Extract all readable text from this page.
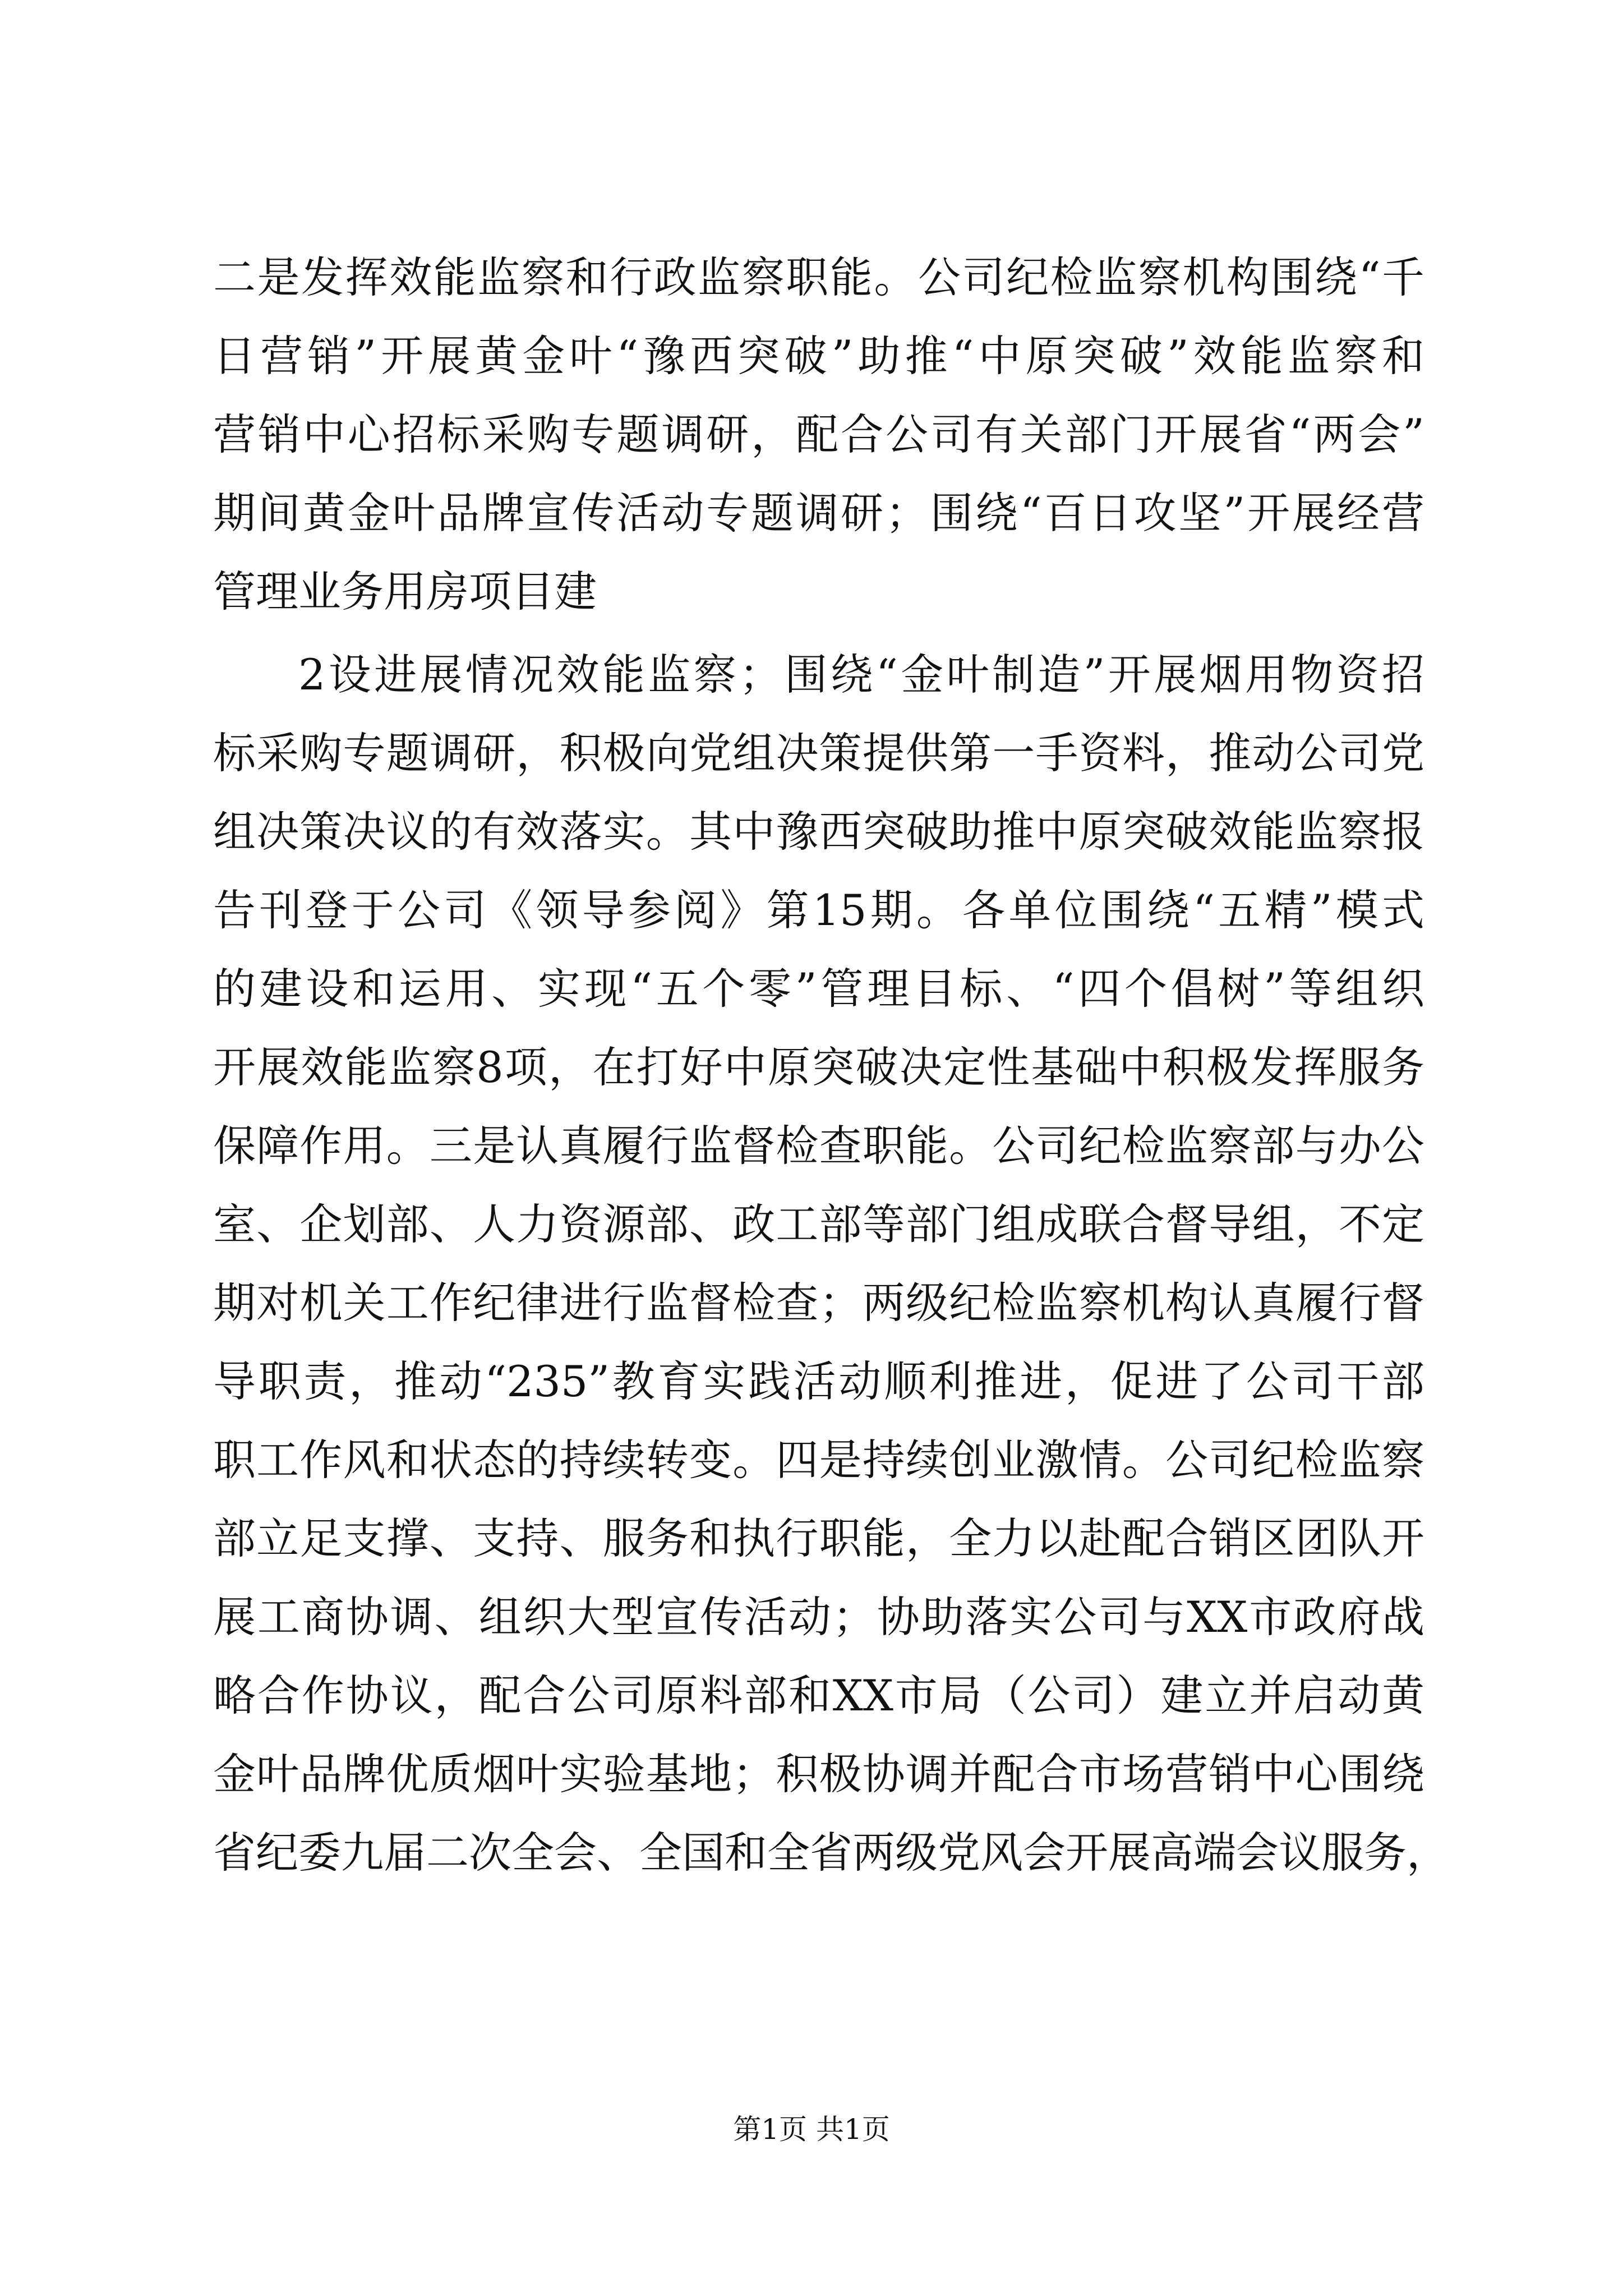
二是发挥效能监察和行政监察职能。公司纪检监察机构围绕“千
日营销”开展黄金叶“豫西突破”助推“中原突破”效能监察和
营销中心招标采购专题调研，配合公司有关部门开展省“两会”
期间黄金叶品牌宣传活动专题调研；围绕“百日攻坚”开展经营
管理业务用房项目建
2设进展情况效能监察；围绕“金叶制造”开展烟用物资招
标采购专题调研，积极向党组决策提供第一手资料，推动公司党
组决策决议的有效落实。其中豫西突破助推中原突破效能监察报
告刊登于公司《领导参阅》第15期。各单位围绕“五精”模式
的建设和运用、实现“五个零”管理目标、“四个倡树”等组织
开展效能监察8项，在打好中原突破决定性基础中积极发挥服务
保障作用。三是认真履行监督检查职能。公司纪检监察部与办公
室、企划部、人力资源部、政工部等部门组成联合督导组，不定
期对机关工作纪律进行监督检查；两级纪检监察机构认真履行督
导职责，推动“235”教育实践活动顺利推进，促进了公司干部
职工作风和状态的持续转变。四是持续创业激情。公司纪检监察
部立足支撑、支持、服务和执行职能，全力以赴配合销区团队开
展工商协调、组织大型宣传活动；协助落实公司与XX市政府战
略合作协议，配合公司原料部和XX市局（公司）建立并启动黄
金叶品牌优质烟叶实验基地；积极协调并配合市场营销中心围绕
省纪委九届二次全会、全国和全省两级党风会开展高端会议服务，
第1页 共1页
